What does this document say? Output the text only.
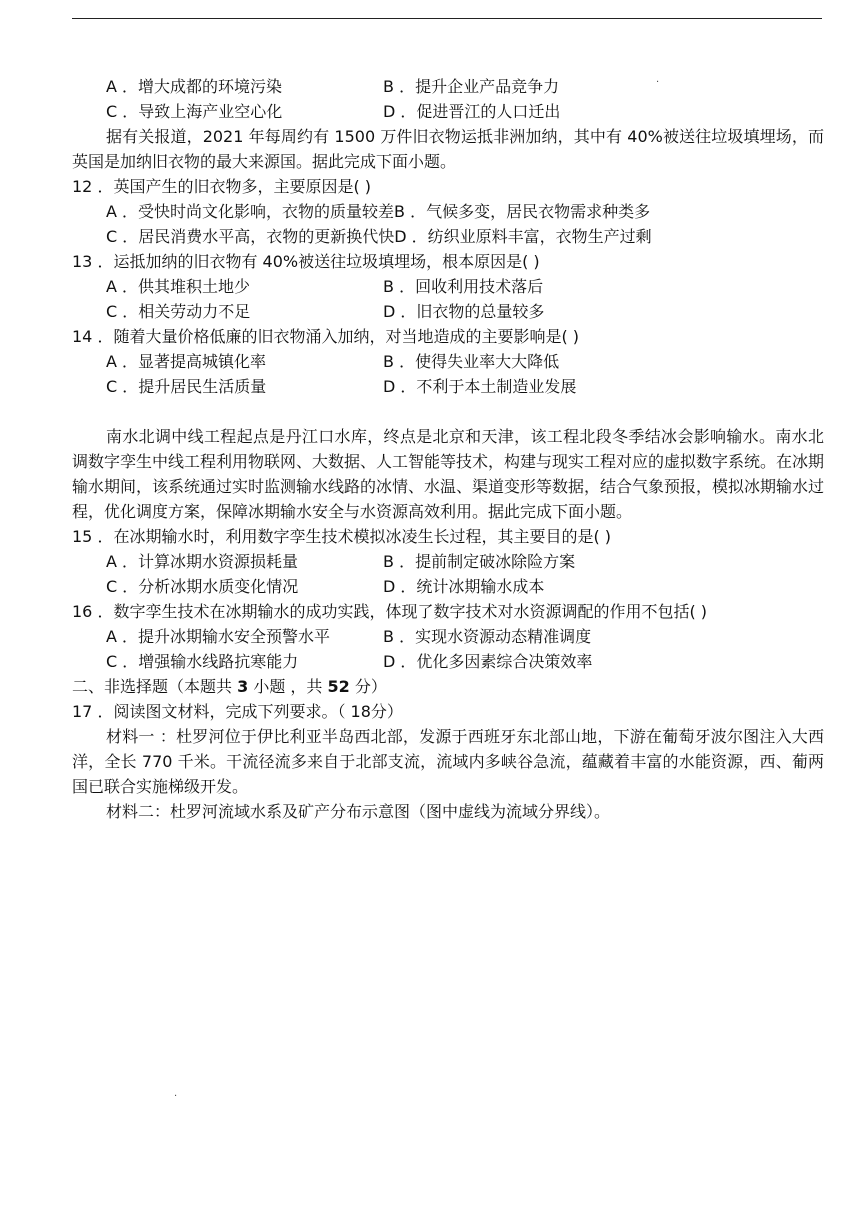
.
.
A ．增大成都的环境污染	B ．提升企业产品竞争力
C ．导致上海产业空心化	D ．促进晋江的人口迁出
据有关报道，2021 年每周约有 1500 万件旧衣物运抵非洲加纳，其中有 40%被送往垃圾填埋场，而英国是加纳旧衣物的最大来源国。据此完成下面小题。
12 ．英国产生的旧衣物多，主要原因是( )
A ．受快时尚文化影响，衣物的质量较差 B ．气候多变，居民衣物需求种类多
C ．居民消费水平高，衣物的更新换代快 D ．纺织业原料丰富，衣物生产过剩
13 ．运抵加纳的旧衣物有 40%被送往垃圾填埋场，根本原因是( )
A ．供其堆积土地少	B ．回收利用技术落后
C ．相关劳动力不足	D ．旧衣物的总量较多
14 ．随着大量价格低廉的旧衣物涌入加纳，对当地造成的主要影响是( )
A ．显著提高城镇化率	B ．使得失业率大大降低
C ．提升居民生活质量	D ．不利于本土制造业发展
南水北调中线工程起点是丹江口水库，终点是北京和天津，该工程北段冬季结冰会影响输水。南水北调数字孪生中线工程利用物联网、大数据、人工智能等技术，构建与现实工程对应的虚拟数字系统。在冰期输水期间，该系统通过实时监测输水线路的冰情、水温、渠道变形等数据，结合气象预报，模拟冰期输水过程，优化调度方案，保障冰期输水安全与水资源高效利用。据此完成下面小题。
15 ．在冰期输水时，利用数字孪生技术模拟冰凌生长过程，其主要目的是( )
A ．计算冰期水资源损耗量	B ．提前制定破冰除险方案
C ．分析冰期水质变化情况	D ．统计冰期输水成本
16 ．数字孪生技术在冰期输水的成功实践，体现了数字技术对水资源调配的作用不包括( )
A ．提升冰期输水安全预警水平	B ．实现水资源动态精准调度
C ．增强输水线路抗寒能力	D ．优化多因素综合决策效率
二、非选择题（本题共 3 小题 ，共 52 分）
17 ．阅读图文材料，完成下列要求。（ 18分）
材料一 ：杜罗河位于伊比利亚半岛西北部，发源于西班牙东北部山地，下游在葡萄牙波尔图注入大西洋，全长 770 千米。干流径流多来自于北部支流，流域内多峡谷急流，蕴藏着丰富的水能资源，西、葡两国已联合实施梯级开发。
材料二：杜罗河流域水系及矿产分布示意图（图中虚线为流域分界线）。
